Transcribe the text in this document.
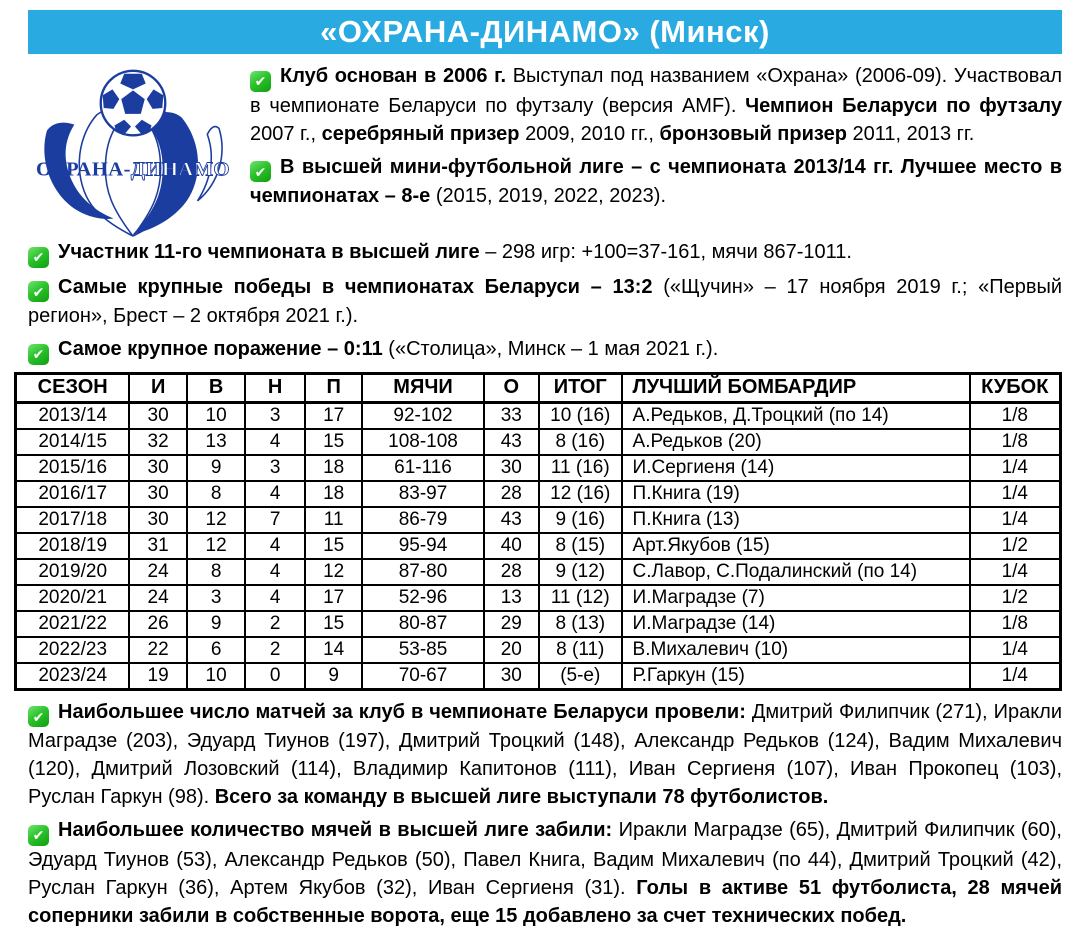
«ОХРАНА-ДИНАМО» (Минск)
ОХРАНА-ДИНАМО

✔Клуб основан в 2006 г. Выступал под названием «Охрана» (2006-09). Участвовал в чемпионате Беларуси по футзалу (версия AMF). Чемпион Беларуси по футзалу 2007 г., серебряный призер 2009, 2010 гг., бронзовый призер 2011, 2013 гг.

✔В высшей мини-футбольной лиге – с чемпионата 2013/14 гг. Лучшее место в чемпионатах – 8-е (2015, 2019, 2022, 2023).

✔Участник 11-го чемпионата в высшей лиге – 298 игр: +100=37-161, мячи 867-1011.

✔Самые крупные победы в чемпионатах Беларуси – 13:2 («Щучин» – 17 ноября 2019 г.; «Первый регион», Брест – 2 октября 2021 г.).

✔Самое крупное поражение – 0:11 («Столица», Минск – 1 мая 2021 г.).

СЕЗОН	И	В	Н	П	МЯЧИ	О	ИТОГ	ЛУЧШИЙ БОМБАРДИР	КУБОК
2013/14	30	10	3	17	92-102	33	10 (16)	А.Редьков, Д.Троцкий (по 14)	1/8
2014/15	32	13	4	15	108-108	43	8 (16)	А.Редьков (20)	1/8
2015/16	30	9	3	18	61-116	30	11 (16)	И.Сергиеня (14)	1/4
2016/17	30	8	4	18	83-97	28	12 (16)	П.Книга (19)	1/4
2017/18	30	12	7	11	86-79	43	9 (16)	П.Книга (13)	1/4
2018/19	31	12	4	15	95-94	40	8 (15)	Арт.Якубов (15)	1/2
2019/20	24	8	4	12	87-80	28	9 (12)	С.Лавор, С.Подалинский (по 14)	1/4
2020/21	24	3	4	17	52-96	13	11 (12)	И.Маградзе (7)	1/2
2021/22	26	9	2	15	80-87	29	8 (13)	И.Маградзе (14)	1/8
2022/23	22	6	2	14	53-85	20	8 (11)	В.Михалевич (10)	1/4
2023/24	19	10	0	9	70-67	30	(5-е)	Р.Гаркун (15)	1/4

✔Наибольшее число матчей за клуб в чемпионате Беларуси провели: Дмитрий Филипчик (271), Иракли Маградзе (203), Эдуард Тиунов (197), Дмитрий Троцкий (148), Александр Редьков (124), Вадим Михалевич (120), Дмитрий Лозовский (114), Владимир Капитонов (111), Иван Сергиеня (107), Иван Прокопец (103), Руслан Гаркун (98). Всего за команду в высшей лиге выступали 78 футболистов.

✔Наибольшее количество мячей в высшей лиге забили: Иракли Маградзе (65), Дмитрий Филипчик (60), Эдуард Тиунов (53), Александр Редьков (50), Павел Книга, Вадим Михалевич (по 44), Дмитрий Троцкий (42), Руслан Гаркун (36), Артем Якубов (32), Иван Сергиеня (31). Голы в активе 51 футболиста, 28 мячей соперники забили в собственные ворота, еще 15 добавлено за счет технических побед.
